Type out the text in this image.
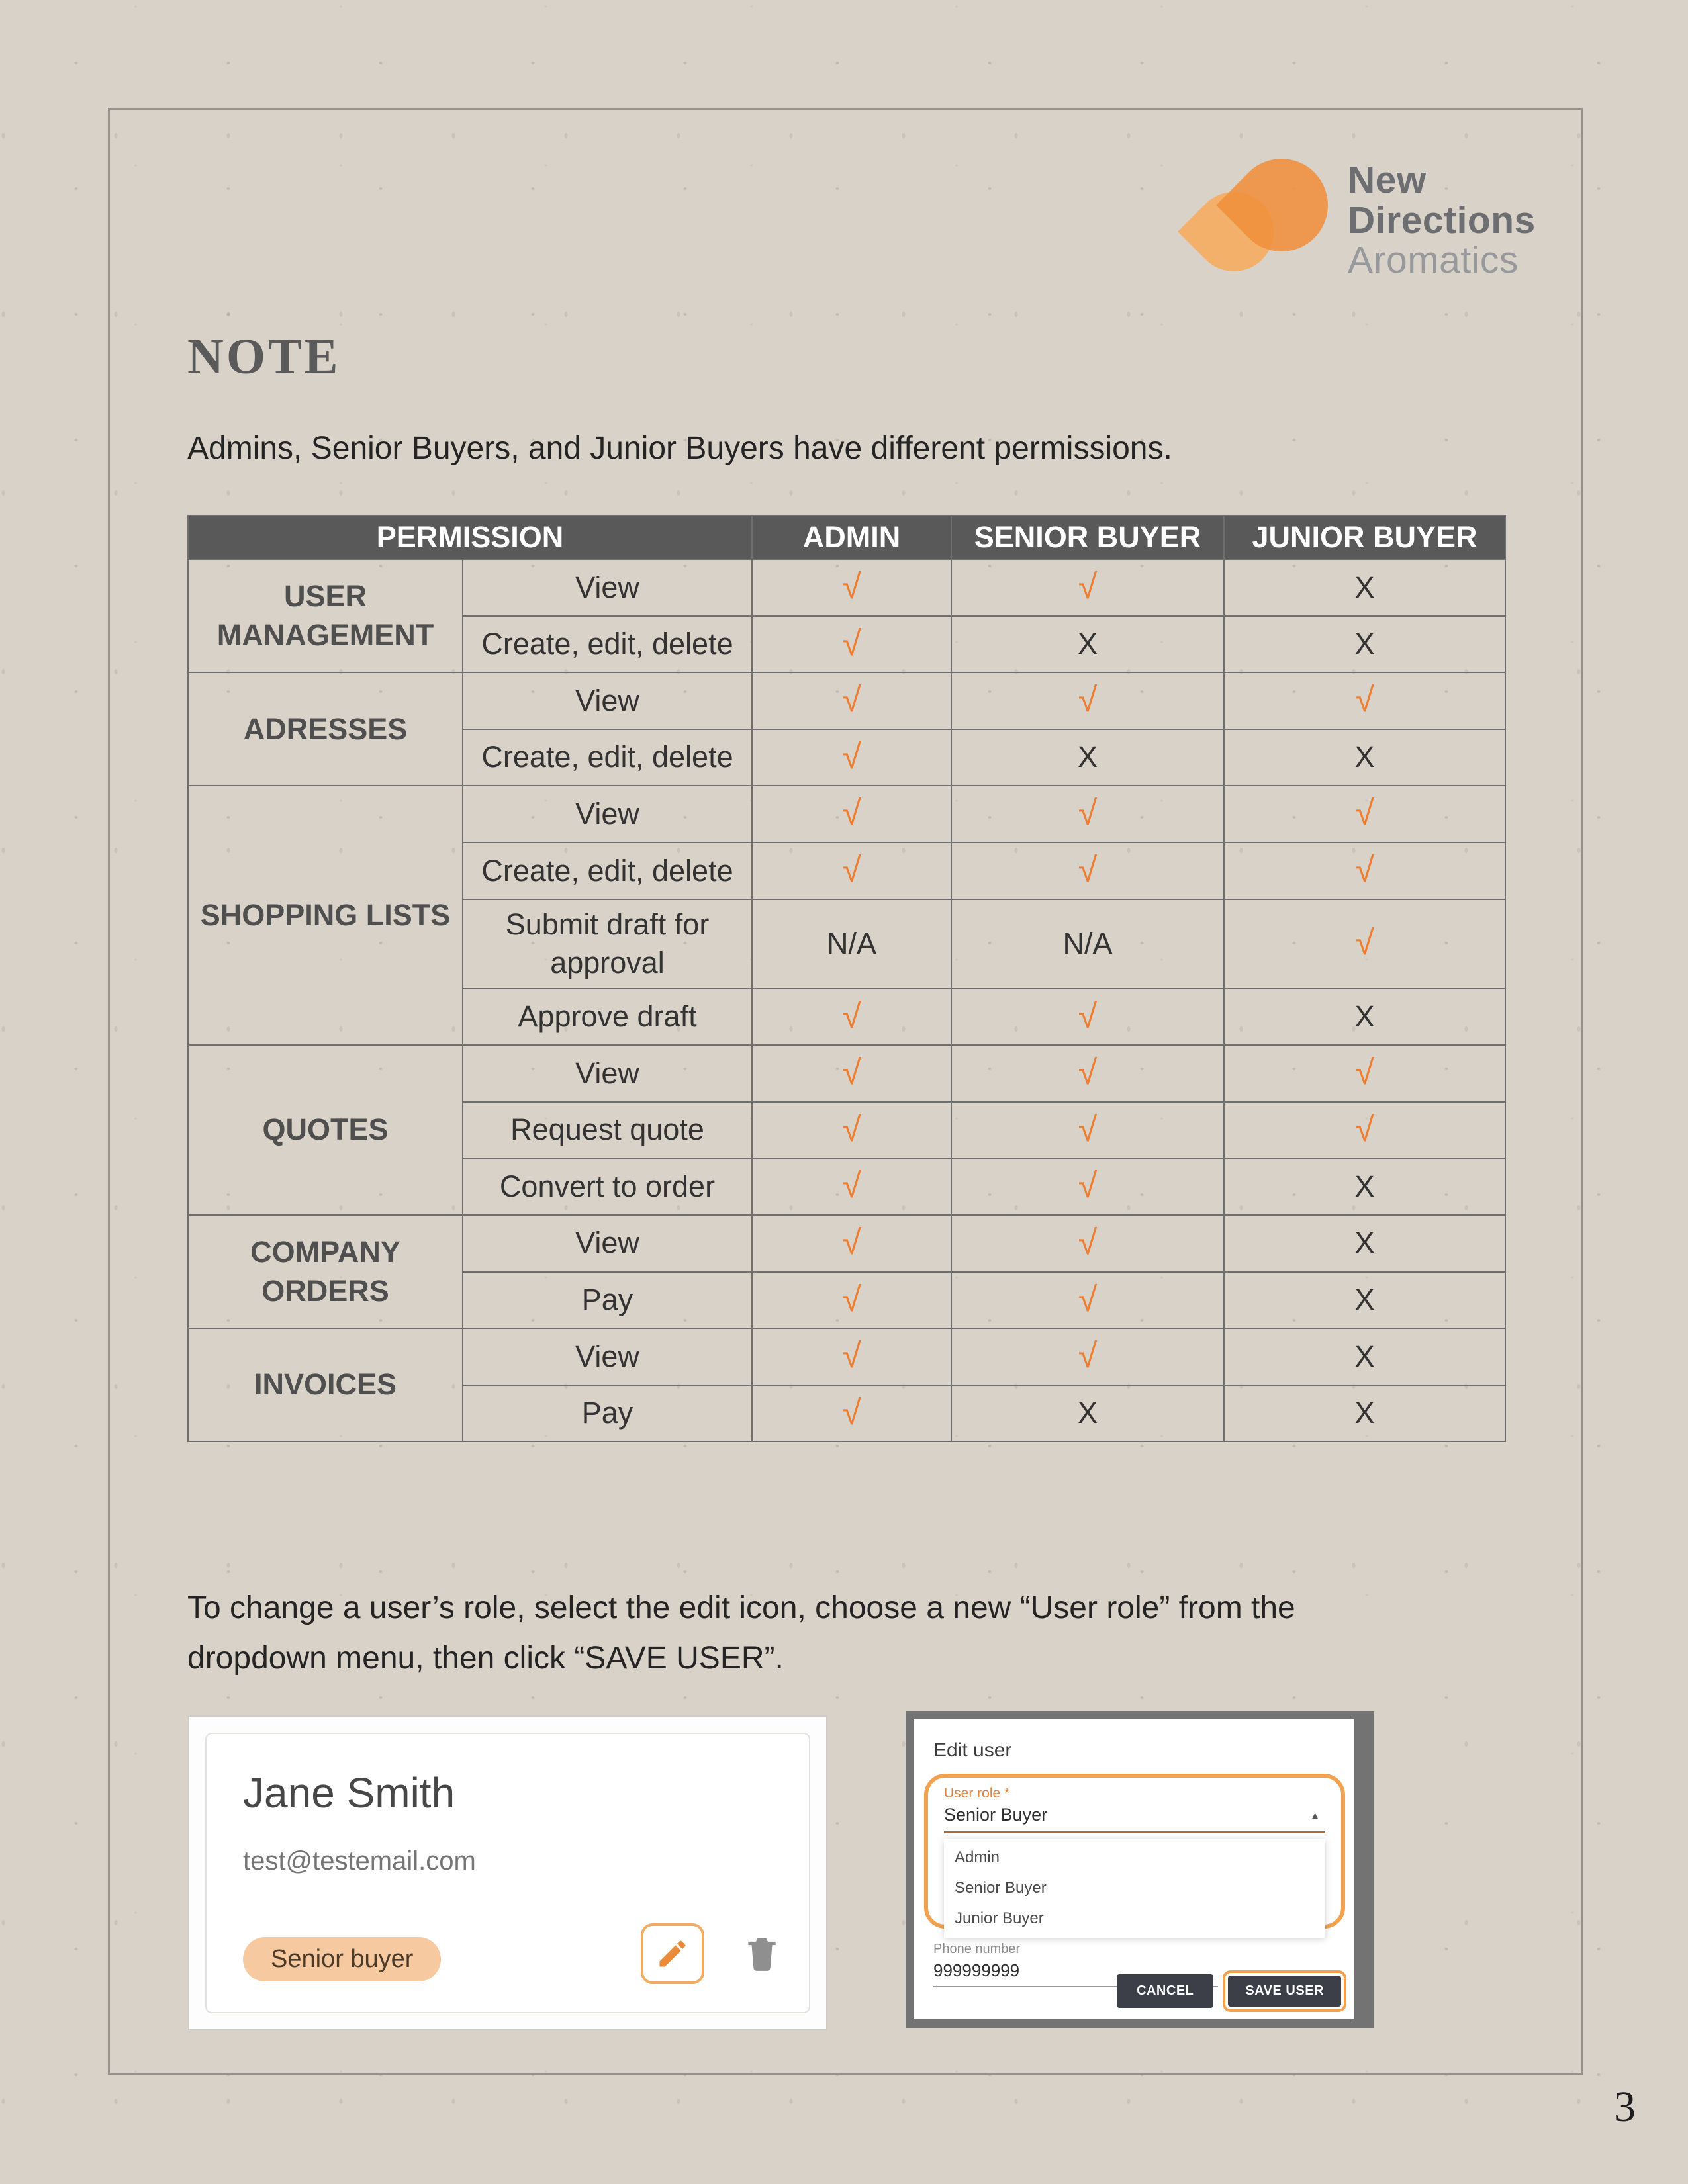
New
Directions
Aromatics
NOTE
Admins, Senior Buyers, and Junior Buyers have different permissions.
PERMISSION		ADMIN	SENIOR BUYER	JUNIOR BUYER
USER MANAGEMENT	View	√	√	X
	Create, edit, delete	√	X	X
ADRESSES	View	√	√	√
	Create, edit, delete	√	X	X
SHOPPING LISTS	View	√	√	√
	Create, edit, delete	√	√	√
	Submit draft for approval	N/A	N/A	√
	Approve draft	√	√	X
QUOTES	View	√	√	√
	Request quote	√	√	√
	Convert to order	√	√	X
COMPANY ORDERS	View	√	√	X
	Pay	√	√	X
INVOICES	View	√	√	X
	Pay	√	X	X
To change a user’s role, select the edit icon, choose a new “User role” from the dropdown menu, then click “SAVE USER”.
Jane Smith
test@testemail.com
Senior buyer
Edit user
User role *
Senior Buyer	▲
Admin
Senior Buyer
Junior Buyer
Phone number
999999999
CANCEL	SAVE USER
3
